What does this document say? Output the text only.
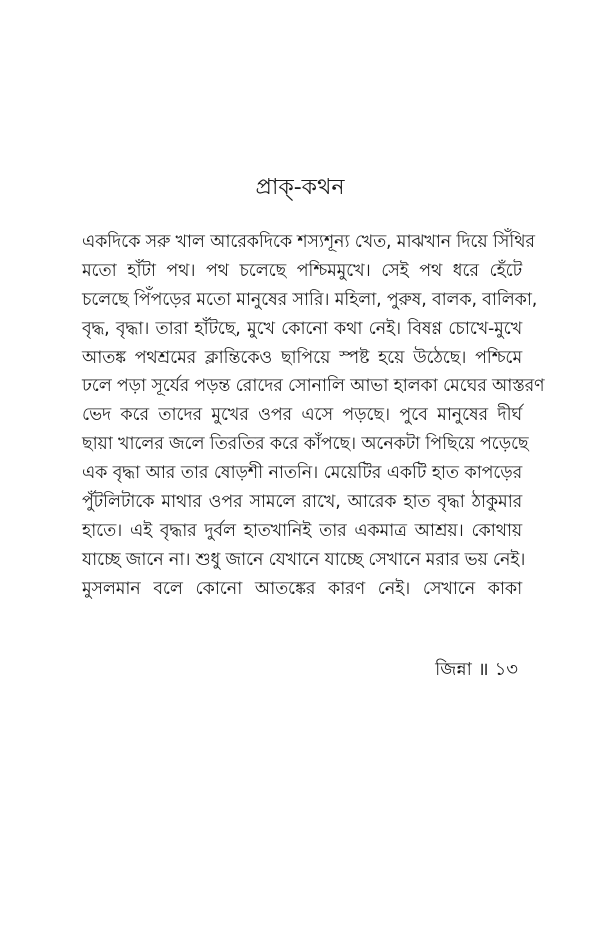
প্রাক্-কথন
একদিকে সরু খাল আরেকদিকে শস্যশূন্য খেত, মাঝখান দিয়ে সিঁথির
মতো হাঁটা পথ। পথ চলেছে পশ্চিমমুখে। সেই পথ ধরে হেঁটে
চলেছে পিঁপড়ের মতো মানুষের সারি। মহিলা, পুরুষ, বালক, বালিকা,
বৃদ্ধ, বৃদ্ধা। তারা হাঁটছে, মুখে কোনো কথা নেই। বিষণ্ণ চোখে-মুখে
আতঙ্ক পথশ্রমের ক্লান্তিকেও ছাপিয়ে স্পষ্ট হয়ে উঠেছে। পশ্চিমে
ঢলে পড়া সূর্যের পড়ন্ত রোদের সোনালি আভা হালকা মেঘের আস্তরণ
ভেদ করে তাদের মুখের ওপর এসে পড়ছে। পুবে মানুষের দীর্ঘ
ছায়া খালের জলে তিরতির করে কাঁপছে। অনেকটা পিছিয়ে পড়েছে
এক বৃদ্ধা আর তার ষোড়শী নাতনি। মেয়েটির একটি হাত কাপড়ের
পুঁটলিটাকে মাথার ওপর সামলে রাখে, আরেক হাত বৃদ্ধা ঠাকুমার
হাতে। এই বৃদ্ধার দুর্বল হাতখানিই তার একমাত্র আশ্রয়। কোথায়
যাচ্ছে জানে না। শুধু জানে যেখানে যাচ্ছে সেখানে মরার ভয় নেই।
মুসলমান বলে কোনো আতঙ্কের কারণ নেই। সেখানে কাকা
জিন্না ॥ ১৩
